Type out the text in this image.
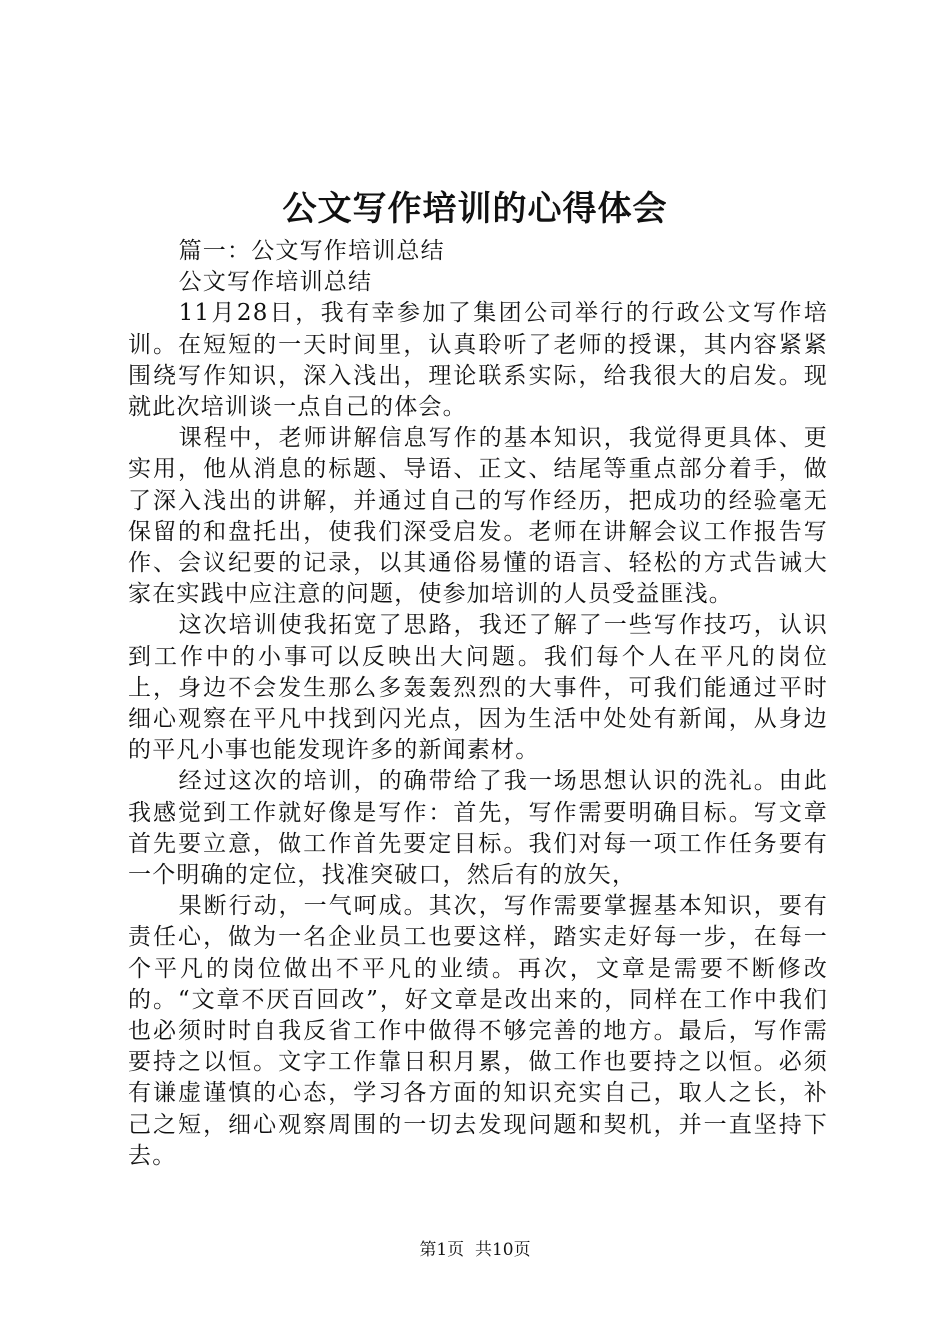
公文写作培训的心得体会

篇一：公文写作培训总结

公文写作培训总结

11月28日，我有幸参加了集团公司举行的行政公文写作培训。在短短的一天时间里，认真聆听了老师的授课，其内容紧紧围绕写作知识，深入浅出，理论联系实际，给我很大的启发。现就此次培训谈一点自己的体会。

课程中，老师讲解信息写作的基本知识，我觉得更具体、更实用，他从消息的标题、导语、正文、结尾等重点部分着手，做了深入浅出的讲解，并通过自己的写作经历，把成功的经验毫无保留的和盘托出，使我们深受启发。老师在讲解会议工作报告写作、会议纪要的记录，以其通俗易懂的语言、轻松的方式告诫大家在实践中应注意的问题，使参加培训的人员受益匪浅。

这次培训使我拓宽了思路，我还了解了一些写作技巧，认识到工作中的小事可以反映出大问题。我们每个人在平凡的岗位上，身边不会发生那么多轰轰烈烈的大事件，可我们能通过平时细心观察在平凡中找到闪光点，因为生活中处处有新闻，从身边的平凡小事也能发现许多的新闻素材。

经过这次的培训，的确带给了我一场思想认识的洗礼。由此我感觉到工作就好像是写作：首先，写作需要明确目标。写文章首先要立意，做工作首先要定目标。我们对每一项工作任务要有一个明确的定位，找准突破口，然后有的放矢，

果断行动，一气呵成。其次，写作需要掌握基本知识，要有责任心，做为一名企业员工也要这样，踏实走好每一步，在每一个平凡的岗位做出不平凡的业绩。再次，文章是需要不断修改的。“文章不厌百回改”，好文章是改出来的，同样在工作中我们也必须时时自我反省工作中做得不够完善的地方。最后，写作需要持之以恒。文字工作靠日积月累，做工作也要持之以恒。必须有谦虚谨慎的心态，学习各方面的知识充实自己，取人之长，补己之短，细心观察周围的一切去发现问题和契机，并一直坚持下去。

第1页  共10页
